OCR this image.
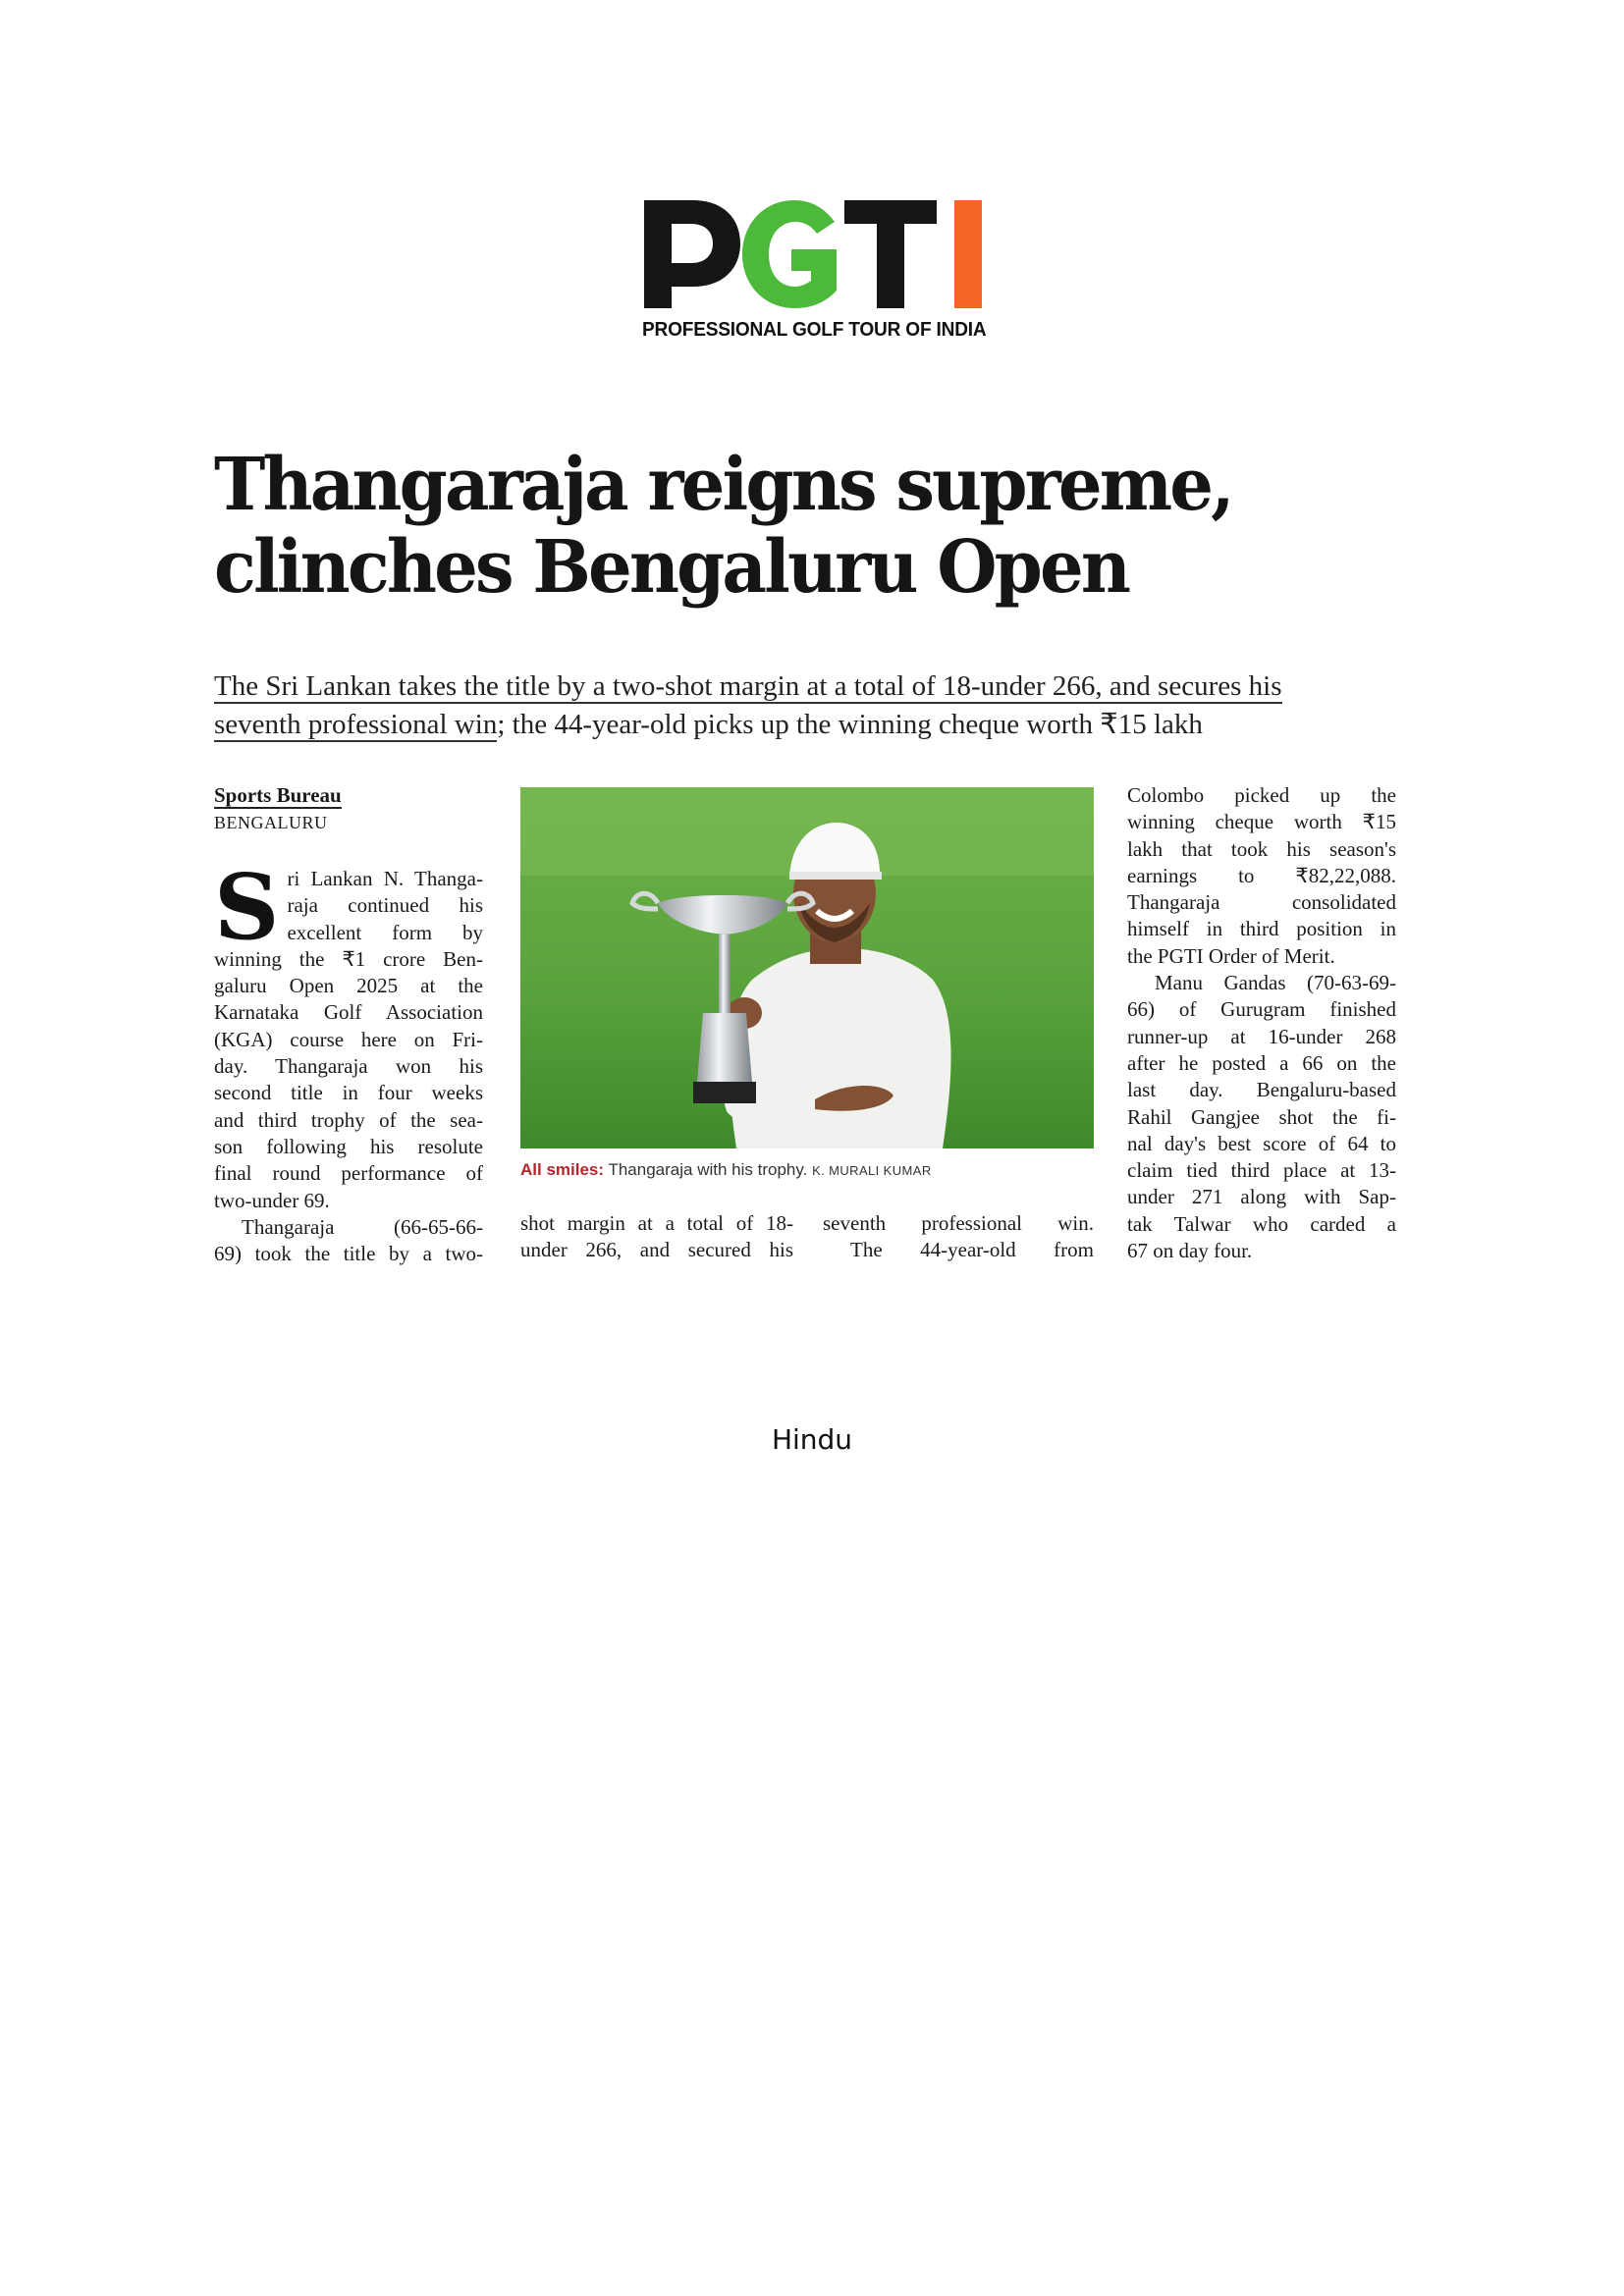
PROFESSIONAL GOLF TOUR OF INDIA
Thangaraja reigns supreme,
clinches Bengaluru Open
The Sri Lankan takes the title by a two-shot margin at a total of 18-under 266, and secures his
seventh professional win; the 44-year-old picks up the winning cheque worth ₹15 lakh
Sports Bureau
BENGALURU
S ri Lankan N. Thanga-
raja continued his
excellent form by
winning the ₹1 crore Ben-
galuru Open 2025 at the
Karnataka Golf Association
(KGA) course here on Fri-
day. Thangaraja won his
second title in four weeks
and third trophy of the sea-
son following his resolute
final round performance of
two-under 69.
Thangaraja (66-65-66-
69) took the title by a two-
All smiles: Thangaraja with his trophy. K. MURALI KUMAR
shot margin at a total of 18-
under 266, and secured his
seventh professional win.
The 44-year-old from
Colombo picked up the
winning cheque worth ₹15
lakh that took his season's
earnings to ₹82,22,088.
Thangaraja consolidated
himself in third position in
the PGTI Order of Merit.
Manu Gandas (70-63-69-
66) of Gurugram finished
runner-up at 16-under 268
after he posted a 66 on the
last day. Bengaluru-based
Rahil Gangjee shot the fi-
nal day's best score of 64 to
claim tied third place at 13-
under 271 along with Sap-
tak Talwar who carded a
67 on day four.
Hindu
